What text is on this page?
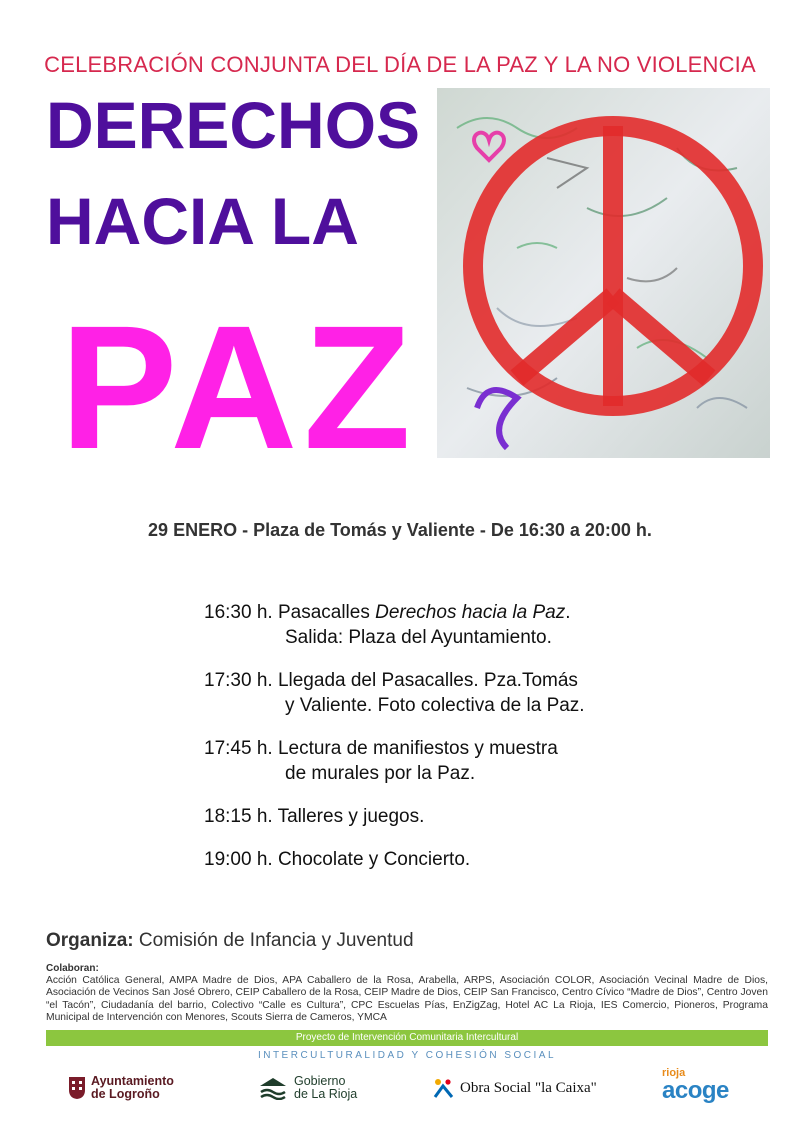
CELEBRACIÓN CONJUNTA DEL DÍA DE LA PAZ Y LA NO VIOLENCIA
DERECHOS
HACIA LA
PAZ
29 ENERO - Plaza de Tomás y Valiente - De 16:30 a 20:00 h.
16:30 h. Pasacalles Derechos hacia la Paz.
Salida: Plaza del Ayuntamiento.
17:30 h. Llegada del Pasacalles. Pza.Tomás
y Valiente. Foto colectiva de la Paz.
17:45 h. Lectura de manifiestos y muestra
de murales por la Paz.
18:15 h. Talleres y juegos.
19:00 h. Chocolate y Concierto.
Organiza: Comisión de Infancia y Juventud
Colaboran:
Acción Católica General, AMPA Madre de Dios, APA Caballero de la Rosa, Arabella, ARPS, Asociación COLOR, Asociación Vecinal Madre de Dios, Asociación de Vecinos San José Obrero, CEIP Caballero de la Rosa, CEIP Madre de Dios, CEIP San Francisco, Centro Cívico “Madre de Dios”, Centro Joven “el Tacón”, Ciudadanía del barrio, Colectivo “Calle es Cultura”, CPC Escuelas Pías, EnZigZag, Hotel AC La Rioja, IES Comercio, Pioneros, Programa Municipal de Intervención con Menores, Scouts Sierra de Cameros, YMCA
Proyecto de Intervención Comunitaria Intercultural
INTERCULTURALIDAD Y COHESIÓN SOCIAL
Ayuntamiento
de Logroño
Gobierno
de La Rioja	Obra Social "la Caixa"
rioja
acoge
